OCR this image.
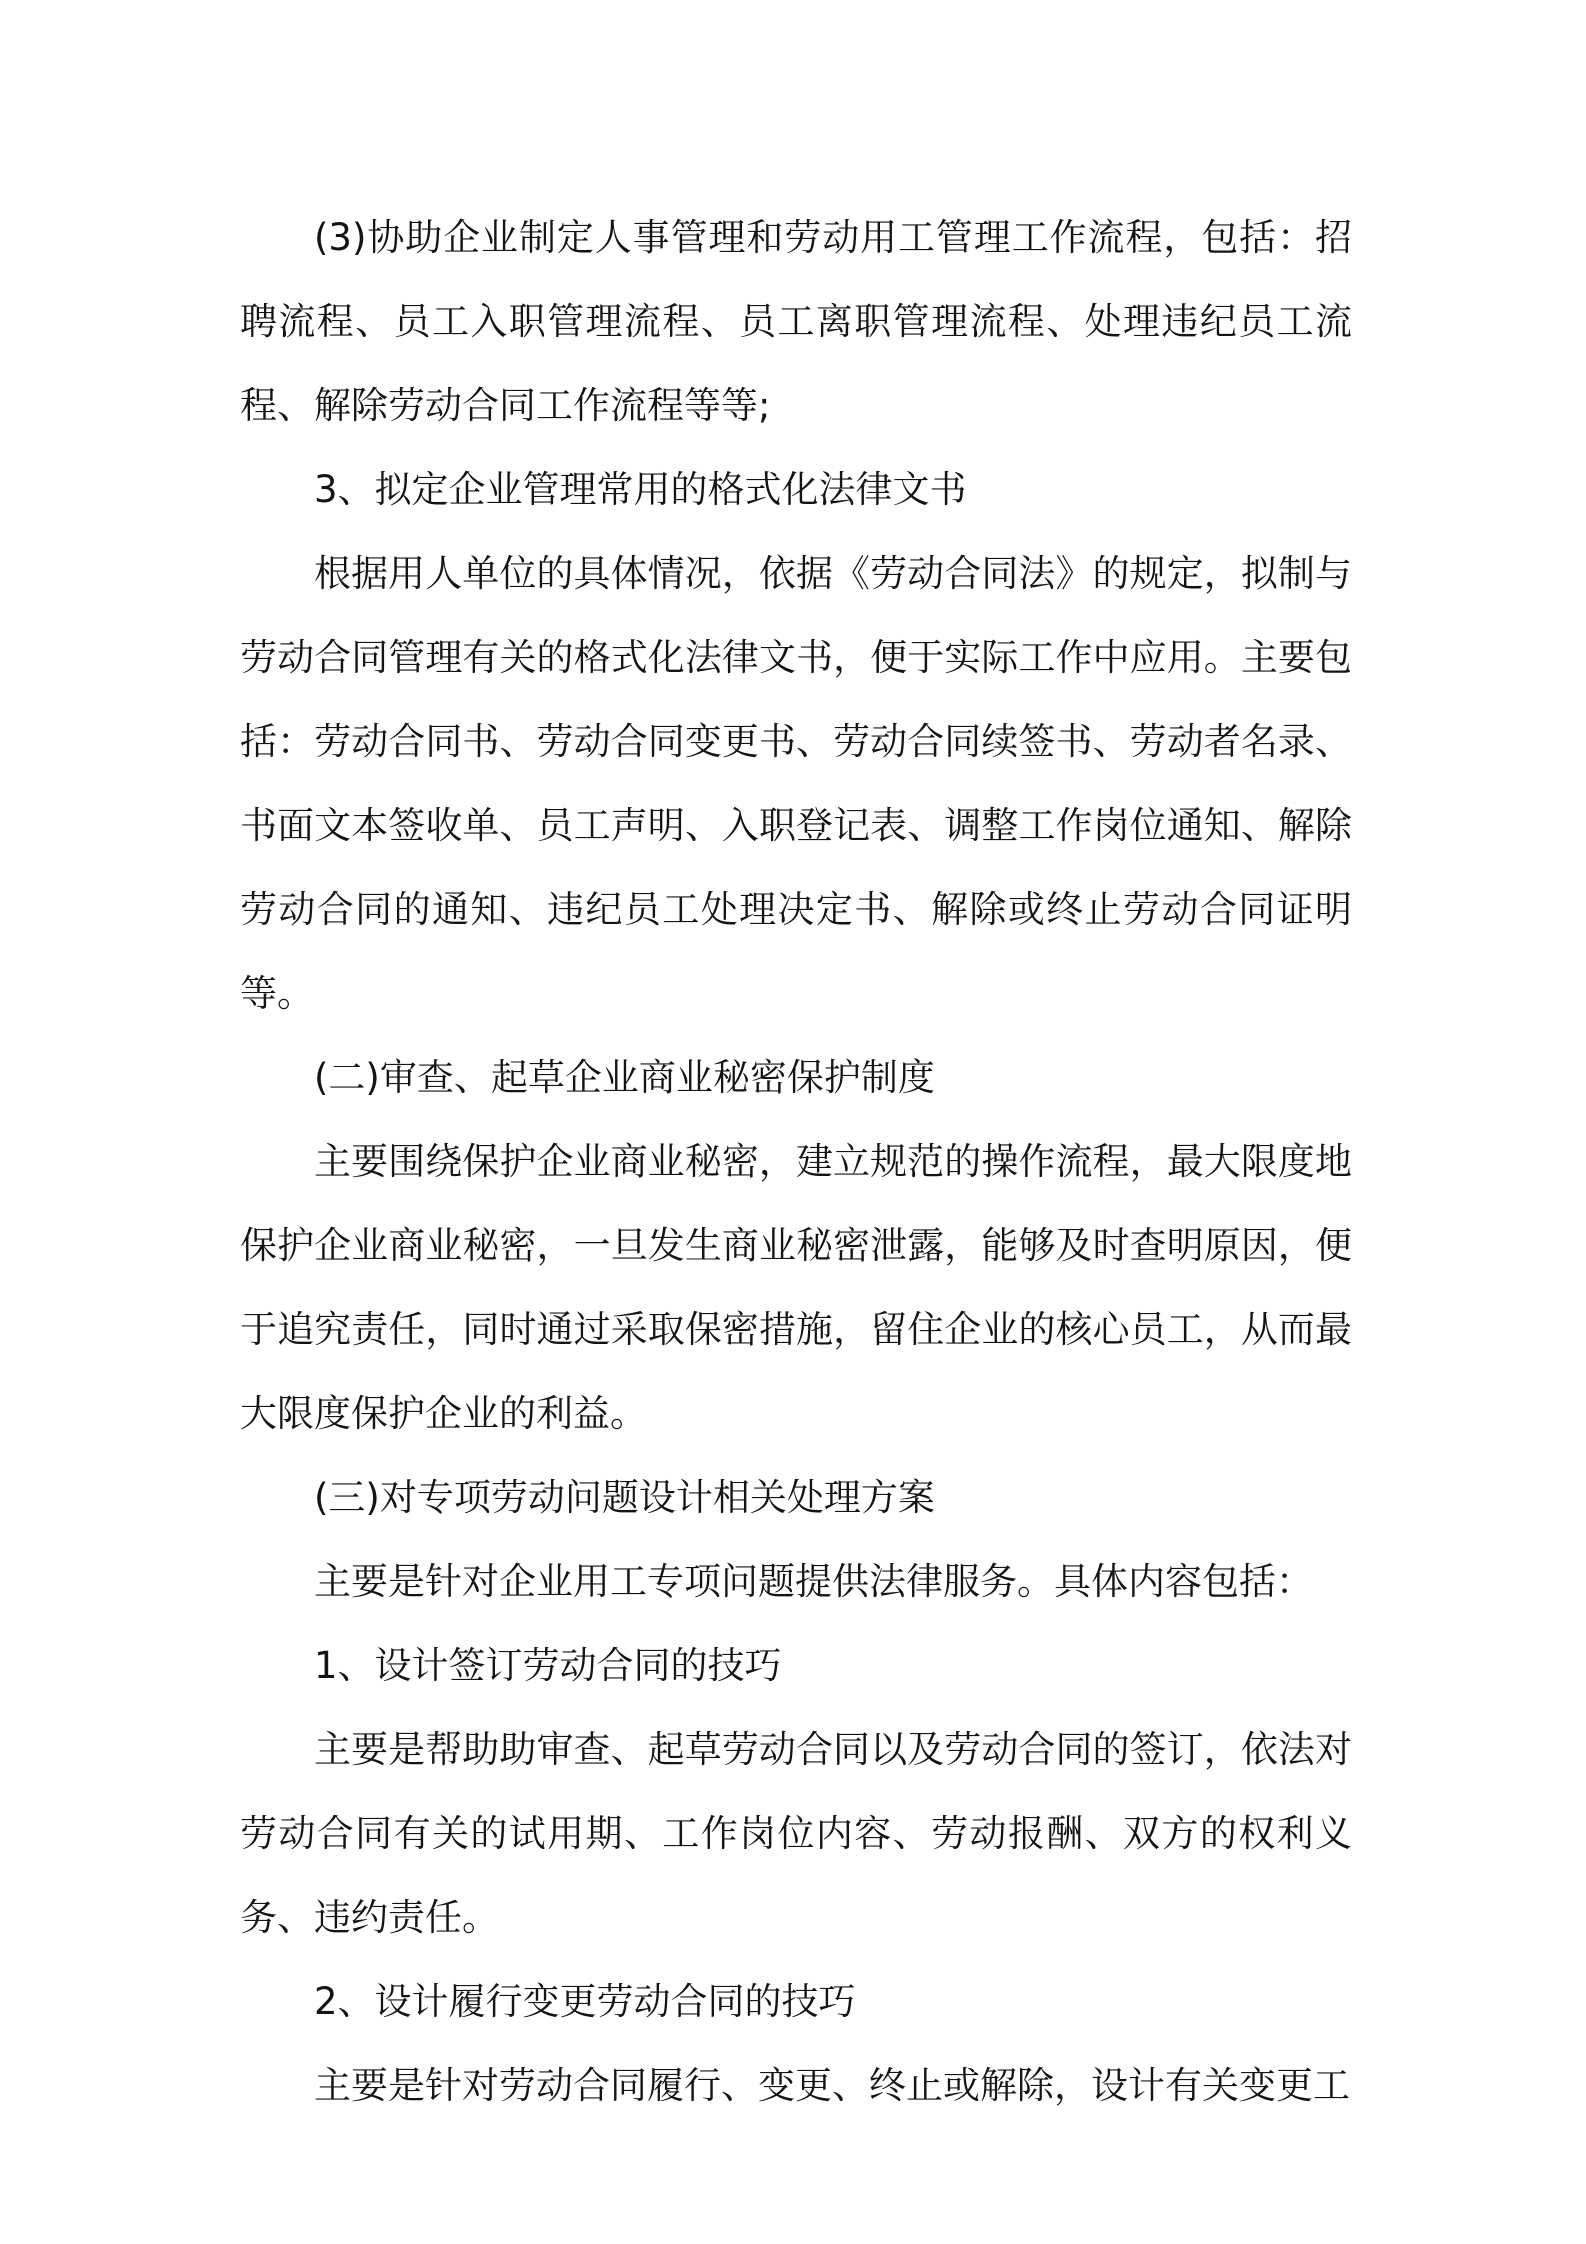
(3)协助企业制定人事管理和劳动用工管理工作流程，包括：招聘流程、员工入职管理流程、员工离职管理流程、处理违纪员工流程、解除劳动合同工作流程等等;

3、拟定企业管理常用的格式化法律文书

根据用人单位的具体情况，依据《劳动合同法》的规定，拟制与劳动合同管理有关的格式化法律文书，便于实际工作中应用。主要包括：劳动合同书、劳动合同变更书、劳动合同续签书、劳动者名录、书面文本签收单、员工声明、入职登记表、调整工作岗位通知、解除劳动合同的通知、违纪员工处理决定书、解除或终止劳动合同证明等。

(二)审查、起草企业商业秘密保护制度

主要围绕保护企业商业秘密，建立规范的操作流程，最大限度地保护企业商业秘密，一旦发生商业秘密泄露，能够及时查明原因，便于追究责任，同时通过采取保密措施，留住企业的核心员工，从而最大限度保护企业的利益。

(三)对专项劳动问题设计相关处理方案

主要是针对企业用工专项问题提供法律服务。具体内容包括：

1、设计签订劳动合同的技巧

主要是帮助助审查、起草劳动合同以及劳动合同的签订，依法对劳动合同有关的试用期、工作岗位内容、劳动报酬、双方的权利义务、违约责任。

2、设计履行变更劳动合同的技巧

主要是针对劳动合同履行、变更、终止或解除，设计有关变更工
